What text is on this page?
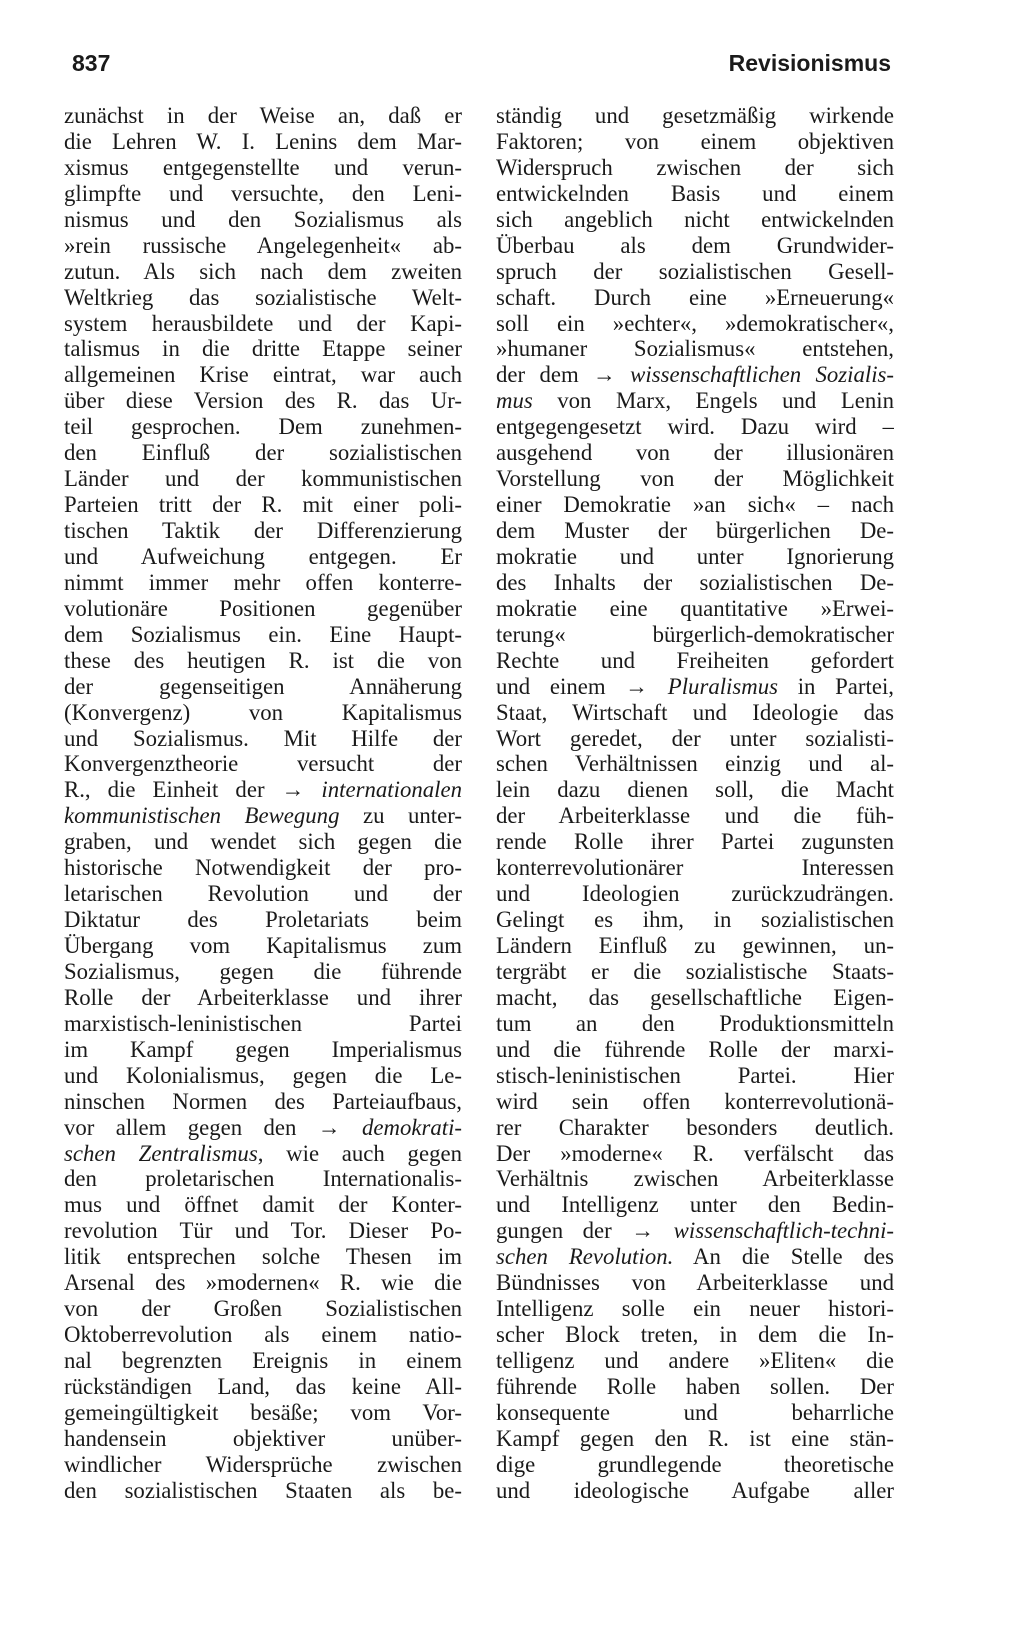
837	Revisionismus
zunächst in der Weise an, daß er
die Lehren W. I. Lenins dem Mar-
xismus entgegenstellte und verun-
glimpfte und versuchte, den Leni-
nismus und den Sozialismus als
»rein russische Angelegenheit« ab-
zutun. Als sich nach dem zweiten
Weltkrieg das sozialistische Welt-
system herausbildete und der Kapi-
talismus in die dritte Etappe seiner
allgemeinen Krise eintrat, war auch
über diese Version des R. das Ur-
teil gesprochen. Dem zunehmen-
den Einfluß der sozialistischen
Länder und der kommunistischen
Parteien tritt der R. mit einer poli-
tischen Taktik der Differenzierung
und Aufweichung entgegen. Er
nimmt immer mehr offen konterre-
volutionäre Positionen gegenüber
dem Sozialismus ein. Eine Haupt-
these des heutigen R. ist die von
der gegenseitigen Annäherung
(Konvergenz) von Kapitalismus
und Sozialismus. Mit Hilfe der
Konvergenztheorie versucht der
R., die Einheit der → internationalen
kommunistischen Bewegung zu unter-
graben, und wendet sich gegen die
historische Notwendigkeit der pro-
letarischen Revolution und der
Diktatur des Proletariats beim
Übergang vom Kapitalismus zum
Sozialismus, gegen die führende
Rolle der Arbeiterklasse und ihrer
marxistisch-leninistischen Partei
im Kampf gegen Imperialismus
und Kolonialismus, gegen die Le-
ninschen Normen des Parteiaufbaus,
vor allem gegen den → demokrati-
schen Zentralismus, wie auch gegen
den proletarischen Internationalis-
mus und öffnet damit der Konter-
revolution Tür und Tor. Dieser Po-
litik entsprechen solche Thesen im
Arsenal des »modernen« R. wie die
von der Großen Sozialistischen
Oktoberrevolution als einem natio-
nal begrenzten Ereignis in einem
rückständigen Land, das keine All-
gemeingültigkeit besäße; vom Vor-
handensein objektiver unüber-
windlicher Widersprüche zwischen
den sozialistischen Staaten als be-
ständig und gesetzmäßig wirkende
Faktoren; von einem objektiven
Widerspruch zwischen der sich
entwickelnden Basis und einem
sich angeblich nicht entwickelnden
Überbau als dem Grundwider-
spruch der sozialistischen Gesell-
schaft. Durch eine »Erneuerung«
soll ein »echter«, »demokratischer«,
»humaner Sozialismus« entstehen,
der dem → wissenschaftlichen Sozialis-
mus von Marx, Engels und Lenin
entgegengesetzt wird. Dazu wird –
ausgehend von der illusionären
Vorstellung von der Möglichkeit
einer Demokratie »an sich« – nach
dem Muster der bürgerlichen De-
mokratie und unter Ignorierung
des Inhalts der sozialistischen De-
mokratie eine quantitative »Erwei-
terung« bürgerlich-demokratischer
Rechte und Freiheiten gefordert
und einem → Pluralismus in Partei,
Staat, Wirtschaft und Ideologie das
Wort geredet, der unter sozialisti-
schen Verhältnissen einzig und al-
lein dazu dienen soll, die Macht
der Arbeiterklasse und die füh-
rende Rolle ihrer Partei zugunsten
konterrevolutionärer Interessen
und Ideologien zurückzudrängen.
Gelingt es ihm, in sozialistischen
Ländern Einfluß zu gewinnen, un-
tergräbt er die sozialistische Staats-
macht, das gesellschaftliche Eigen-
tum an den Produktionsmitteln
und die führende Rolle der marxi-
stisch-leninistischen Partei. Hier
wird sein offen konterrevolutionä-
rer Charakter besonders deutlich.
Der »moderne« R. verfälscht das
Verhältnis zwischen Arbeiterklasse
und Intelligenz unter den Bedin-
gungen der → wissenschaftlich-techni-
schen Revolution. An die Stelle des
Bündnisses von Arbeiterklasse und
Intelligenz solle ein neuer histori-
scher Block treten, in dem die In-
telligenz und andere »Eliten« die
führende Rolle haben sollen. Der
konsequente und beharrliche
Kampf gegen den R. ist eine stän-
dige grundlegende theoretische
und ideologische Aufgabe aller
